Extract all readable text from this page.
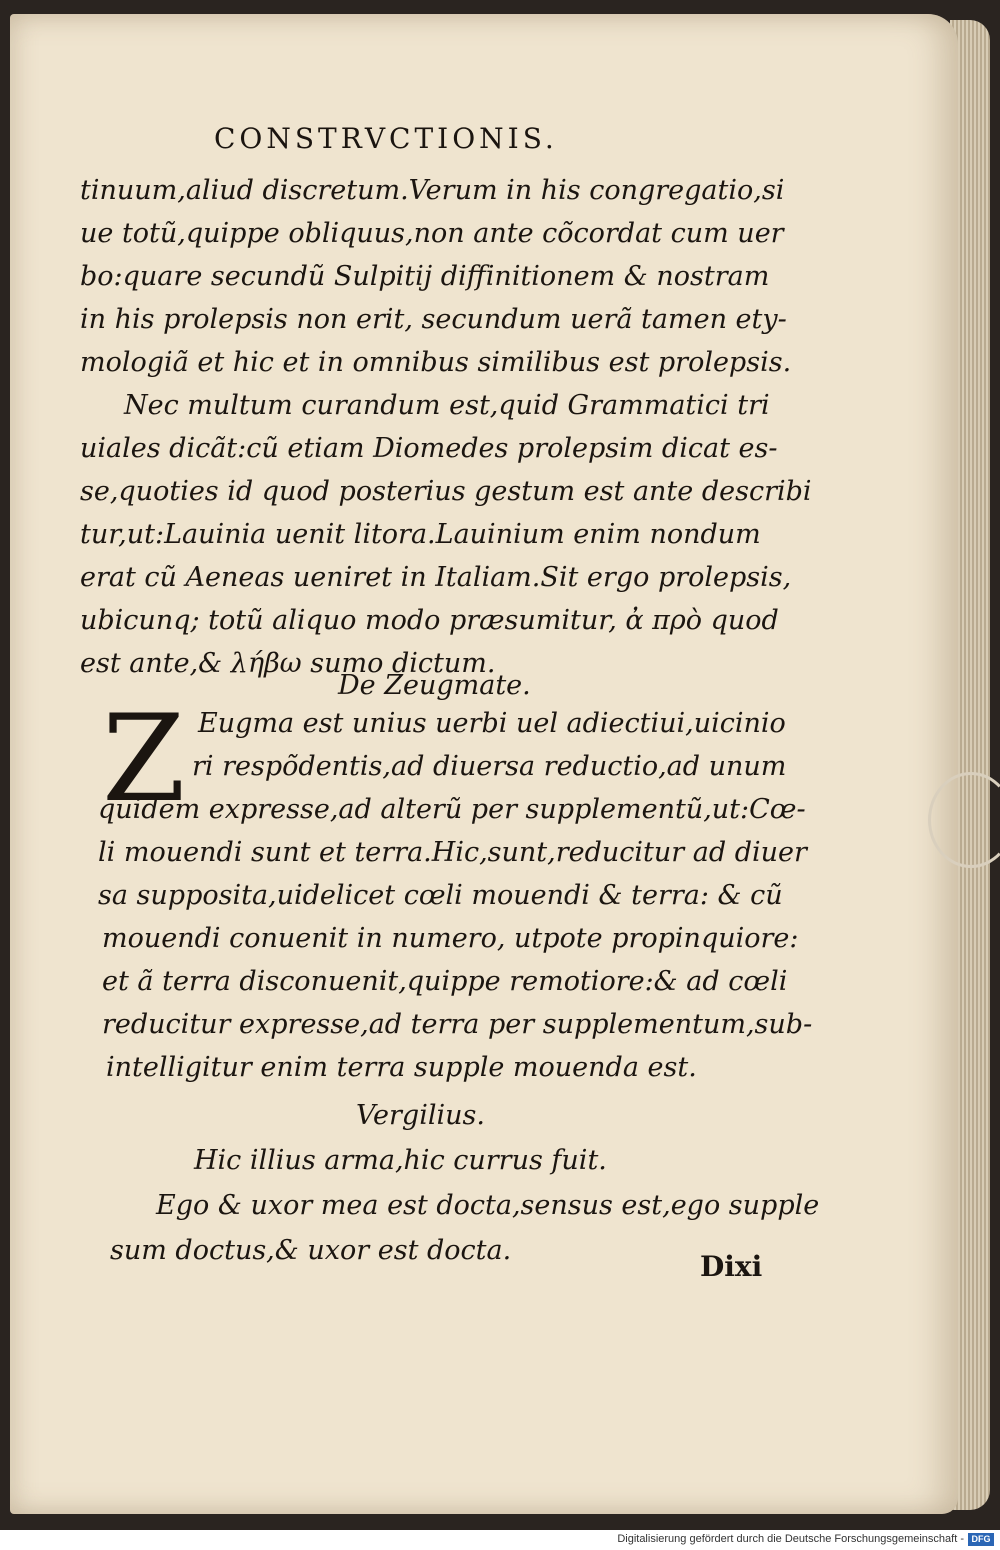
CONSTRVCTIONIS.
tinuum,aliud discretum.Verum in his congregatio,si
ue totũ,quippe obliquus,non ante cõcordat cum uer
bo:quare secundũ Sulpitij diffinitionem & nostram
in his prolepsis non erit, secundum uerã tamen ety-
mologiã et hic et in omnibus similibus est prolepsis.
Nec multum curandum est,quid Grammatici tri
uiales dicãt:cũ etiam Diomedes prolepsim dicat es-
se,quoties id quod posterius gestum est ante describi
tur,ut:Lauinia uenit litora.Lauinium enim nondum
erat cũ Aeneas ueniret in Italiam.Sit ergo prolepsis,
ubicunq; totũ aliquo modo præsumitur, ἀ πρὸ quod
est ante,& λήβω sumo dictum.
De Zeugmate.
Eugma est unius uerbi uel adiectiui,uicinio
ri respõdentis,ad diuersa reductio,ad unum
quidem expresse,ad alterũ per supplementũ,ut:Cœ-
li mouendi sunt et terra.Hic,sunt,reducitur ad diuer
sa supposita,uidelicet cœli mouendi & terra: & cũ
mouendi conuenit in numero, utpote propinquiore:
et ã terra disconuenit,quippe remotiore:& ad cœli
reducitur expresse,ad terra per supplementum,sub-
intelligitur enim terra supple mouenda est.
Vergilius.
Hic illius arma,hic currus fuit.
Ego & uxor mea est docta,sensus est,ego supple
sum doctus,& uxor est docta.
Z
Dixi
Digitalisierung gefördert durch die Deutsche Forschungsgemeinschaft - DFG
